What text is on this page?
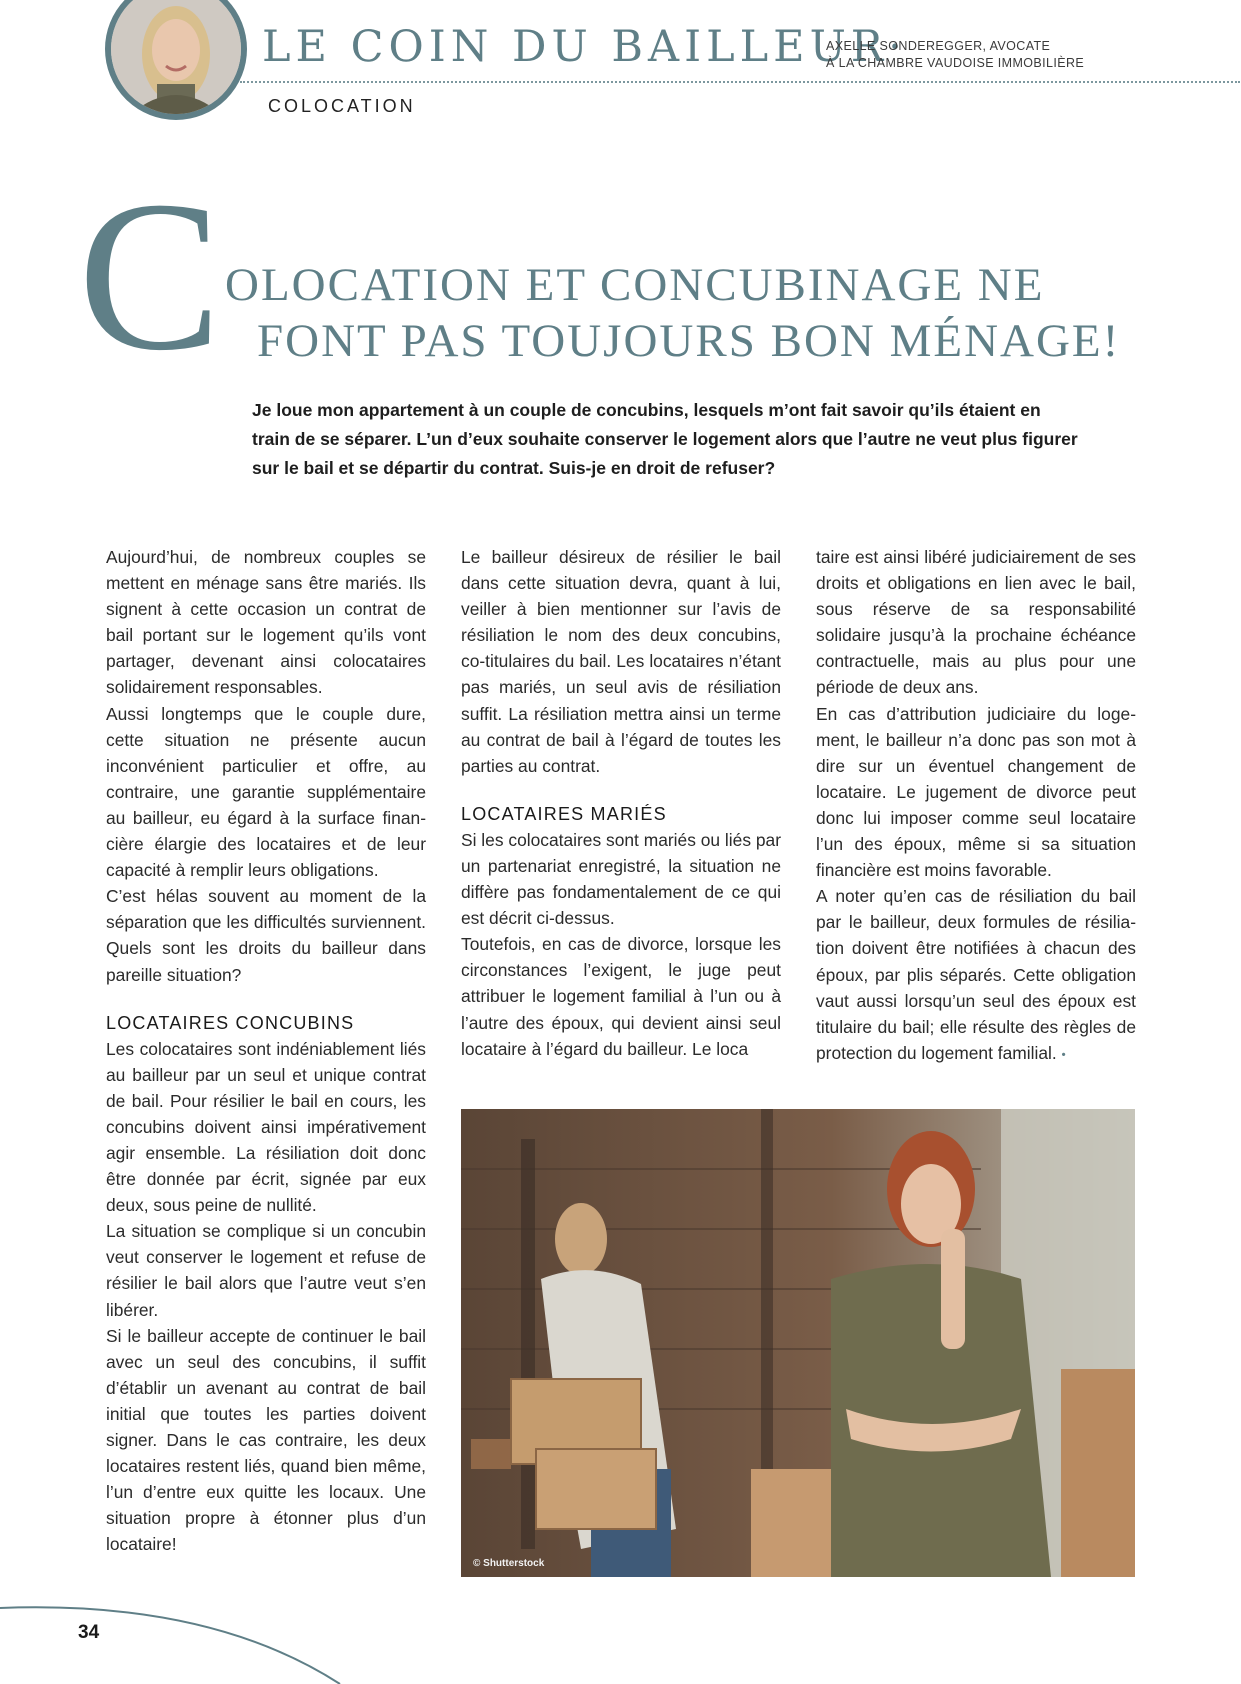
LE COIN DU BAILLEUR·
AXELLE SONDEREGGER, AVOCATE
À LA CHAMBRE VAUDOISE IMMOBILIÈRE
COLOCATION
C OLOCATION ET CONCUBINAGE NE
FONT PAS TOUJOURS BON MÉNAGE!
Je loue mon appartement à un couple de concubins, lesquels m’ont fait savoir qu’ils étaient en train de se séparer. L’un d’eux souhaite conserver le logement alors que l’autre ne veut plus figurer sur le bail et se départir du contrat. Suis-je en droit de refuser?

Aujourd’hui, de nombreux couples se mettent en ménage sans être mariés. Ils signent à cette occasion un contrat de bail portant sur le logement qu’ils vont partager, devenant ainsi colocataires solidairement responsables.

Aussi longtemps que le couple dure, cette situation ne présente aucun inconvénient particulier et offre, au contraire, une garantie supplémentaire au bailleur, eu égard à la surface financière élargie des locataires et de leur capacité à remplir leurs obligations.

C’est hélas souvent au moment de la séparation que les difficultés surviennent. Quels sont les droits du bailleur dans pareille situation?

LOCATAIRES CONCUBINS

Les colocataires sont indéniablement liés au bailleur par un seul et unique contrat de bail. Pour résilier le bail en cours, les concubins doivent ainsi impérativement agir ensemble. La résiliation doit donc être donnée par écrit, signée par eux deux, sous peine de nullité.

La situation se complique si un concubin veut conserver le logement et refuse de résilier le bail alors que l’autre veut s’en libérer.

Si le bailleur accepte de continuer le bail avec un seul des concubins, il suffit d’établir un avenant au contrat de bail initial que toutes les parties doivent signer. Dans le cas contraire, les deux locataires restent liés, quand bien même, l’un d’entre eux quitte les locaux. Une situation propre à étonner plus d’un locataire!

Le bailleur désireux de résilier le bail dans cette situation devra, quant à lui, veiller à bien mentionner sur l’avis de résiliation le nom des deux concubins, co-titulaires du bail. Les locataires n’étant pas mariés, un seul avis de résiliation suffit. La résiliation mettra ainsi un terme au contrat de bail à l’égard de toutes les parties au contrat.

LOCATAIRES MARIÉS

Si les colocataires sont mariés ou liés par un partenariat enregistré, la situation ne diffère pas fondamentalement de ce qui est décrit ci-dessus.

Toutefois, en cas de divorce, lorsque les circonstances l’exigent, le juge peut attribuer le logement familial à l’un ou à l’autre des époux, qui devient ainsi seul locataire à l’égard du bailleur. Le loca

taire est ainsi libéré judiciairement de ses droits et obligations en lien avec le bail, sous réserve de sa responsabilité solidaire jusqu’à la prochaine échéance contractuelle, mais au plus pour une période de deux ans.

En cas d’attribution judiciaire du logement, le bailleur n’a donc pas son mot à dire sur un éventuel changement de locataire. Le jugement de divorce peut donc lui imposer comme seul locataire l’un des époux, même si sa situation financière est moins favorable.

A noter qu’en cas de résiliation du bail par le bailleur, deux formules de résiliation doivent être notifiées à chacun des époux, par plis séparés. Cette obligation vaut aussi lorsqu’un seul des époux est titulaire du bail; elle résulte des règles de protection du logement familial. •

© Shutterstock
34
